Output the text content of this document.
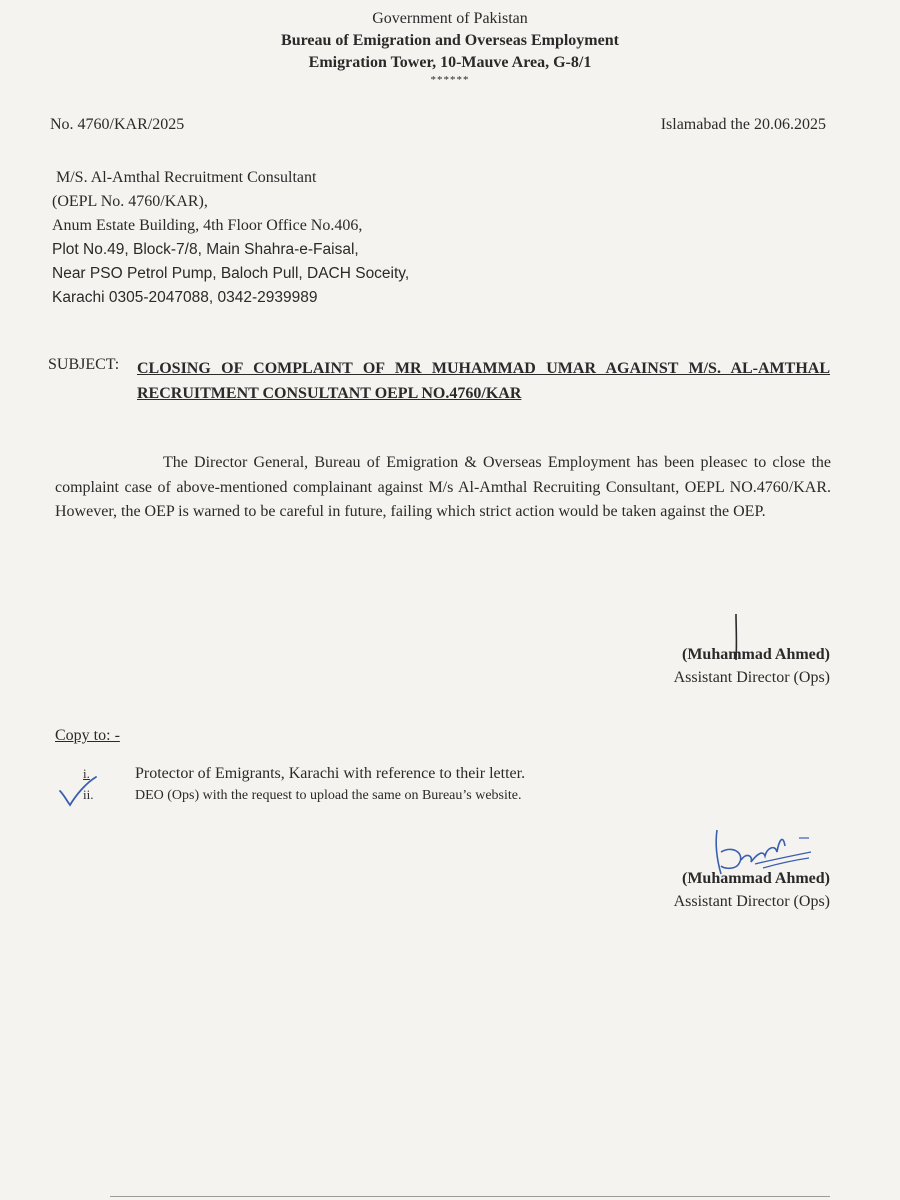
Government of Pakistan
Bureau of Emigration and Overseas Employment
Emigration Tower, 10-Mauve Area, G-8/1
******
No. 4760/KAR/2025	Islamabad the 20.06.2025
M/S. Al-Amthal Recruitment Consultant
(OEPL No. 4760/KAR),
Anum Estate Building, 4th Floor Office No.406,
Plot No.49, Block-7/8, Main Shahra-e-Faisal,
Near PSO Petrol Pump, Baloch Pull, DACH Soceity,
Karachi 0305-2047088, 0342-2939989
SUBJECT: CLOSING OF COMPLAINT OF MR MUHAMMAD UMAR AGAINST M/S. AL-AMTHAL RECRUITMENT CONSULTANT OEPL NO.4760/KAR
The Director General, Bureau of Emigration & Overseas Employment has been pleasec to close the complaint case of above-mentioned complainant against M/s Al-Amthal Recruiting Consultant, OEPL NO.4760/KAR. However, the OEP is warned to be careful in future, failing which strict action would be taken against the OEP.
(Muhammad Ahmed)
Assistant Director (Ops)
Copy to: -
i.	Protector of Emigrants, Karachi with reference to their letter.
ii.	DEO (Ops) with the request to upload the same on Bureau’s website.
(Muhammad Ahmed)
Assistant Director (Ops)
